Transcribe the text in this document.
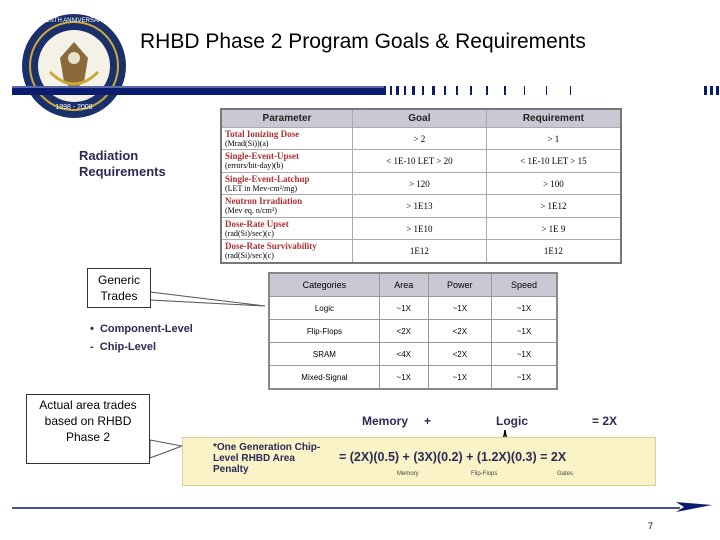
TENTH ANNIVERSARY
1998 - 2008
RHBD Phase 2 Program Goals & Requirements
Radiation
Requirements
Parameter	Goal	Requirement

Total Ionizing Dose
(Mrad(Si))(a)	> 2	> 1

Single-Event-Upset
(errors/bit-day)(b)	< 1E-10 LET > 20	< 1E-10 LET > 15

Single-Event-Latchup
(LET in Mev-cm²/mg)	> 120	> 100

Neutron Irradiation
(Mev eq. n/cm²)	> 1E13	> 1E12

Dose-Rate Upset
(rad(Si)/sec)(c)	> 1E10	> 1E 9

Dose-Rate Survivability
(rad(Si)/sec)(c)	1E12	1E12
Generic Trades
•  Component-Level
-  Chip-Level
Categories	Area	Power	Speed
Logic	~1X	~1X	~1X
Flip-Flops	<2X	<2X	~1X
SRAM	<4X	<2X	~1X
Mixed-Signal	~1X	~1X	~1X
Actual area trades based on RHBD Phase 2
Memory +	Logic	= 2X
*One Generation Chip-Level RHBD Area Penalty
= (2X)(0.5) + (3X)(0.2) + (1.2X)(0.3) = 2X
Memory	Flip-Flops	Gates
7
